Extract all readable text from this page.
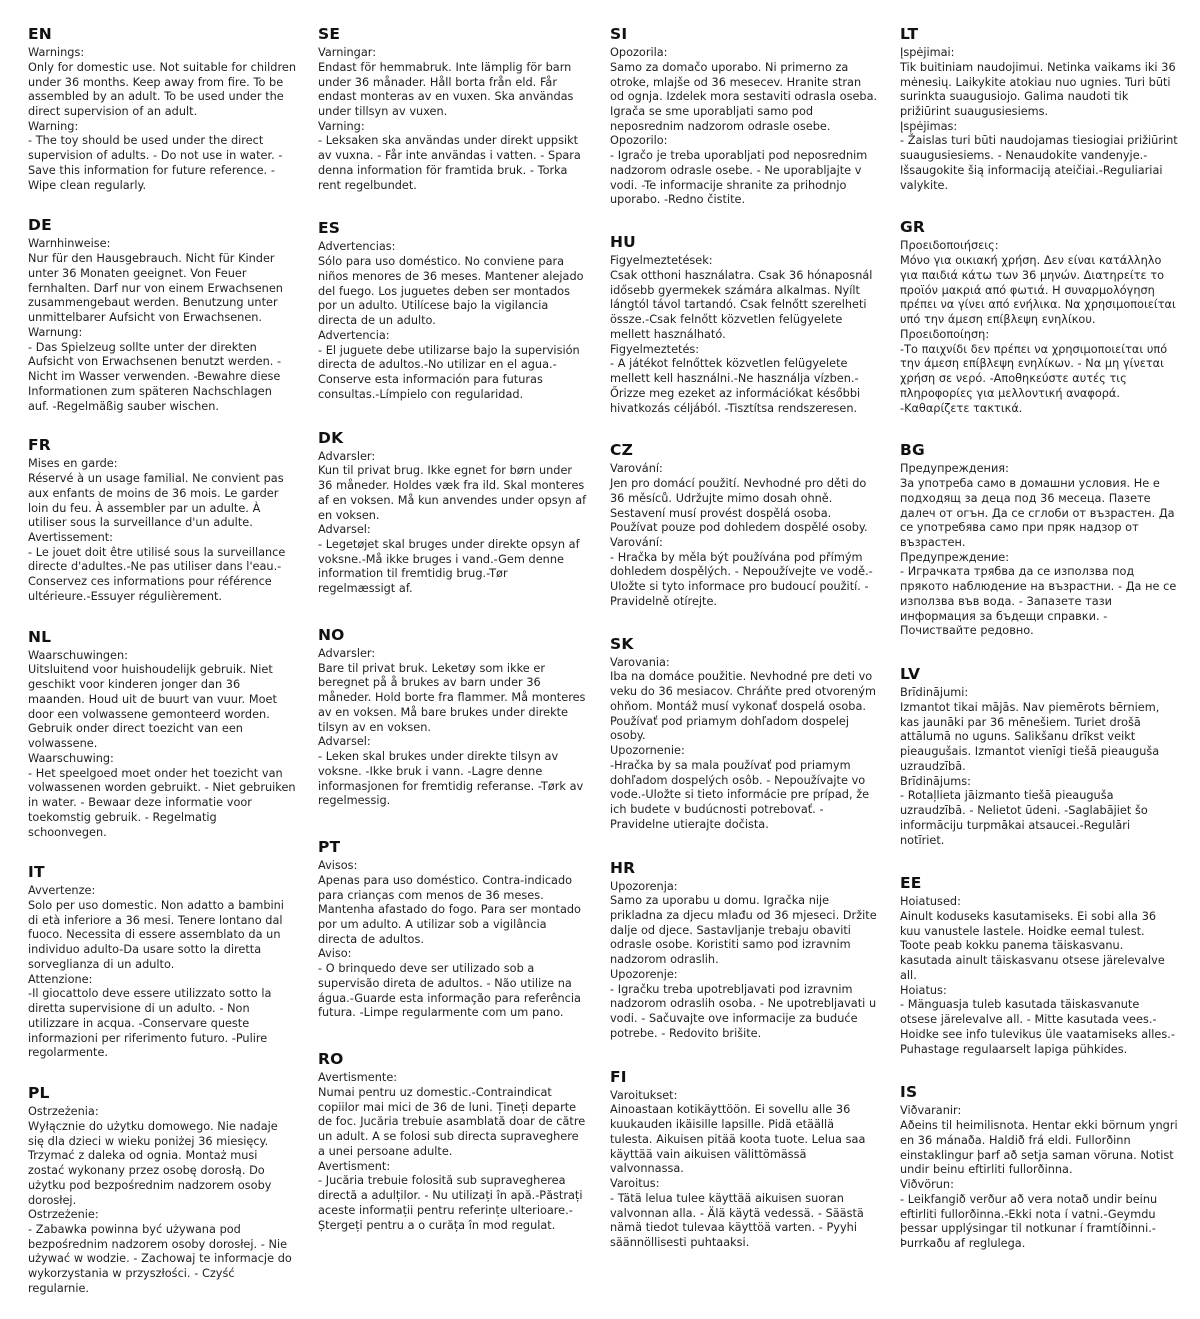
EN

Warnings:

Only for domestic use. Not suitable for children under 36 months. Keep away from fire. To be assembled by an adult. To be used under the direct supervision of an adult.

Warning:

- The toy should be used under the direct supervision of adults. - Do not use in water. - Save this information for future reference. - Wipe clean regularly.

DE

Warnhinweise:

Nur für den Hausgebrauch. Nicht für Kinder unter 36 Monaten geeignet. Von Feuer fernhalten. Darf nur von einem Erwachsenen zusammengebaut werden. Benutzung unter unmittelbarer Aufsicht von Erwachsenen.

Warnung:

- Das Spielzeug sollte unter der direkten Aufsicht von Erwachsenen benutzt werden. - Nicht im Wasser verwenden. -Bewahre diese Informationen zum späteren Nachschlagen auf. -Regelmäßig sauber wischen.

FR

Mises en garde:

Réservé à un usage familial. Ne convient pas aux enfants de moins de 36 mois. Le garder loin du feu. À assembler par un adulte. À utiliser sous la surveillance d'un adulte.

Avertissement:

- Le jouet doit être utilisé sous la surveillance directe d'adultes.-Ne pas utiliser dans l'eau.- Conservez ces informations pour référence ultérieure.-Essuyer régulièrement.

NL

Waarschuwingen:

Uitsluitend voor huishoudelijk gebruik. Niet geschikt voor kinderen jonger dan 36 maanden. Houd uit de buurt van vuur. Moet door een volwassene gemonteerd worden. Gebruik onder direct toezicht van een volwassene.

Waarschuwing:

- Het speelgoed moet onder het toezicht van volwassenen worden gebruikt. - Niet gebruiken in water. - Bewaar deze informatie voor toekomstig gebruik. - Regelmatig schoonvegen.

IT

Avvertenze:

Solo per uso domestic. Non adatto a bambini di età inferiore a 36 mesi. Tenere lontano dal fuoco. Necessita di essere assemblato da un individuo adulto-Da usare sotto la diretta sorveglianza di un adulto.

Attenzione:

-Il giocattolo deve essere utilizzato sotto la diretta supervisione di un adulto. - Non utilizzare in acqua. -Conservare queste informazioni per riferimento futuro. -Pulire regolarmente.

PL

Ostrzeżenia:

Wyłącznie do użytku domowego. Nie nadaje się dla dzieci w wieku poniżej 36 miesięcy. Trzymać z daleka od ognia. Montaż musi zostać wykonany przez osobę dorosłą. Do użytku pod bezpośrednim nadzorem osoby dorosłej.

Ostrzeżenie:

- Zabawka powinna być używana pod bezpośrednim nadzorem osoby dorosłej. - Nie używać w wodzie. - Zachowaj te informacje do wykorzystania w przyszłości. - Czyść regularnie.

SE

Varningar:

Endast för hemmabruk. Inte lämplig för barn under 36 månader. Håll borta från eld. Får endast monteras av en vuxen. Ska användas under tillsyn av vuxen.

Varning:

- Leksaken ska användas under direkt uppsikt av vuxna. - Får inte användas i vatten. - Spara denna information för framtida bruk. - Torka rent regelbundet.

ES

Advertencias:

Sólo para uso doméstico. No conviene para niños menores de 36 meses. Mantener alejado del fuego. Los juguetes deben ser montados por un adulto. Utilícese bajo la vigilancia directa de un adulto.

Advertencia:

- El juguete debe utilizarse bajo la supervisión directa de adultos.-No utilizar en el agua.- Conserve esta información para futuras consultas.-Límpielo con regularidad.

DK

Advarsler:

Kun til privat brug. Ikke egnet for børn under 36 måneder. Holdes væk fra ild. Skal monteres af en voksen. Må kun anvendes under opsyn af en voksen.

Advarsel:

- Legetøjet skal bruges under direkte opsyn af voksne.-Må ikke bruges i vand.-Gem denne information til fremtidig brug.-Tør regelmæssigt af.

NO

Advarsler:

Bare til privat bruk. Leketøy som ikke er beregnet på å brukes av barn under 36 måneder. Hold borte fra flammer. Må monteres av en voksen. Må bare brukes under direkte tilsyn av en voksen.

Advarsel:

- Leken skal brukes under direkte tilsyn av voksne. -Ikke bruk i vann. -Lagre denne informasjonen for fremtidig referanse. -Tørk av regelmessig.

PT

Avisos:

Apenas para uso doméstico. Contra-indicado para crianças com menos de 36 meses. Mantenha afastado do fogo. Para ser montado por um adulto. A utilizar sob a vigilância directa de adultos.

Aviso:

- O brinquedo deve ser utilizado sob a supervisão direta de adultos. - Não utilize na água.-Guarde esta informação para referência futura. -Limpe regularmente com um pano.

RO

Avertismente:

Numai pentru uz domestic.-Contraindicat copiilor mai mici de 36 de luni. Țineți departe de foc. Jucăria trebuie asamblată doar de către un adult. A se folosi sub directa supraveghere a unei persoane adulte.

Avertisment:

- Jucăria trebuie folosită sub supravegherea directă a adulților. - Nu utilizați în apă.-Păstrați aceste informații pentru referințe ulterioare.- Ștergeți pentru a o curăța în mod regulat.

SI

Opozorila:

Samo za domačo uporabo. Ni primerno za otroke, mlajše od 36 mesecev. Hranite stran od ognja. Izdelek mora sestaviti odrasla oseba. Igrača se sme uporabljati samo pod neposrednim nadzorom odrasle osebe.

Opozorilo:

- Igračo je treba uporabljati pod neposrednim nadzorom odrasle osebe. - Ne uporabljajte v vodi. -Te informacije shranite za prihodnjo uporabo. -Redno čistite.

HU

Figyelmeztetések:

Csak otthoni használatra. Csak 36 hónaposnál idősebb gyermekek számára alkalmas. Nyílt lángtól távol tartandó. Csak felnőtt szerelheti össze.-Csak felnőtt közvetlen felügyelete mellett használható.

Figyelmeztetés:

- A játékot felnőttek közvetlen felügyelete mellett kell használni.-Ne használja vízben.- Őrizze meg ezeket az információkat későbbi hivatkozás céljából. -Tisztítsa rendszeresen.

CZ

Varování:

Jen pro domácí použití. Nevhodné pro děti do 36 měsíců. Udržujte mimo dosah ohně. Sestavení musí provést dospělá osoba. Používat pouze pod dohledem dospělé osoby.

Varování:

- Hračka by měla být používána pod přímým dohledem dospělých. - Nepoužívejte ve vodě.- Uložte si tyto informace pro budoucí použití. -Pravidelně otírejte.

SK

Varovania:

Iba na domáce použitie. Nevhodné pre deti vo veku do 36 mesiacov. Chráňte pred otvoreným ohňom. Montáž musí vykonať dospelá osoba. Používať pod priamym dohľadom dospelej osoby.

Upozornenie:

-Hračka by sa mala používať pod priamym dohľadom dospelých osôb. - Nepoužívajte vo vode.-Uložte si tieto informácie pre prípad, že ich budete v budúcnosti potrebovať. -Pravidelne utierajte dočista.

HR

Upozorenja:

Samo za uporabu u domu. Igračka nije prikladna za djecu mlađu od 36 mjeseci. Držite dalje od djece. Sastavljanje trebaju obaviti odrasle osobe. Koristiti samo pod izravnim nadzorom odraslih.

Upozorenje:

- Igračku treba upotrebljavati pod izravnim nadzorom odraslih osoba. - Ne upotrebljavati u vodi. - Sačuvajte ove informacije za buduće potrebe. - Redovito brišite.

FI

Varoitukset:

Ainoastaan kotikäyttöön. Ei sovellu alle 36 kuukauden ikäisille lapsille. Pidä etäällä tulesta. Aikuisen pitää koota tuote. Lelua saa käyttää vain aikuisen välittömässä valvonnassa.

Varoitus:

- Tätä lelua tulee käyttää aikuisen suoran valvonnan alla. - Älä käytä vedessä. - Säästä nämä tiedot tulevaa käyttöä varten. - Pyyhi säännöllisesti puhtaaksi.

LT

Įspėjimai:

Tik buitiniam naudojimui. Netinka vaikams iki 36 mėnesių. Laikykite atokiau nuo ugnies. Turi būti surinkta suaugusiojo. Galima naudoti tik prižiūrint suaugusiesiems.

Įspėjimas:

- Žaislas turi būti naudojamas tiesiogiai prižiūrint suaugusiesiems. - Nenaudokite vandenyje.- Išsaugokite šią informaciją ateičiai.-Reguliariai valykite.

GR

Προειδοποιήσεις:

Μόνο για οικιακή χρήση. Δεν είναι κατάλληλο για παιδιά κάτω των 36 μηνών. Διατηρείτε το προϊόν μακριά από φωτιά. Η συναρμολόγηση πρέπει να γίνει από ενήλικα. Να χρησιμοποιείται υπό την άμεση επίβλεψη ενηλίκου.

Προειδοποίηση:

-Το παιχνίδι δεν πρέπει να χρησιμοποιείται υπό την άμεση επίβλεψη ενηλίκων. - Να μη γίνεται χρήση σε νερό. -Αποθηκεύστε αυτές τις πληροφορίες για μελλοντική αναφορά. -Καθαρίζετε τακτικά.

BG

Предупреждения:

За употреба само в домашни условия. Не е подходящ за деца под 36 месеца. Пазете далеч от огън. Да се сглоби от възрастен. Да се употребява само при пряк надзор от възрастен.

Предупреждение:

- Играчката трябва да се използва под прякото наблюдение на възрастни. - Да не се използва във вода. - Запазете тази информация за бъдещи справки. - Почиствайте редовно.

LV

Brīdinājumi:

Izmantot tikai mājās. Nav piemērots bērniem, kas jaunāki par 36 mēnešiem. Turiet drošā attālumā no uguns. Salikšanu drīkst veikt pieaugušais. Izmantot vienīgi tiešā pieauguša uzraudzībā.

Brīdinājums:

- Rotaļlieta jāizmanto tiešā pieauguša uzraudzībā. - Nelietot ūdeni. -Saglabājiet šo informāciju turpmākai atsaucei.-Regulāri notīriet.

EE

Hoiatused:

Ainult koduseks kasutamiseks. Ei sobi alla 36 kuu vanustele lastele. Hoidke eemal tulest. Toote peab kokku panema täiskasvanu. kasutada ainult täiskasvanu otsese järelevalve all.

Hoiatus:

- Mänguasja tuleb kasutada täiskasvanute otsese järelevalve all. - Mitte kasutada vees.-Hoidke see info tulevikus üle vaatamiseks alles.-Puhastage regulaarselt lapiga pühkides.

IS

Viðvaranir:

Aðeins til heimilisnota. Hentar ekki börnum yngri en 36 mánaða. Haldið frá eldi. Fullorðinn einstaklingur þarf að setja saman vöruna. Notist undir beinu eftirliti fullorðinna.

Viðvörun:

- Leikfangið verður að vera notað undir beinu eftirliti fullorðinna.-Ekki nota í vatni.-Geymdu þessar upplýsingar til notkunar í framtíðinni.- Þurrkaðu af reglulega.
